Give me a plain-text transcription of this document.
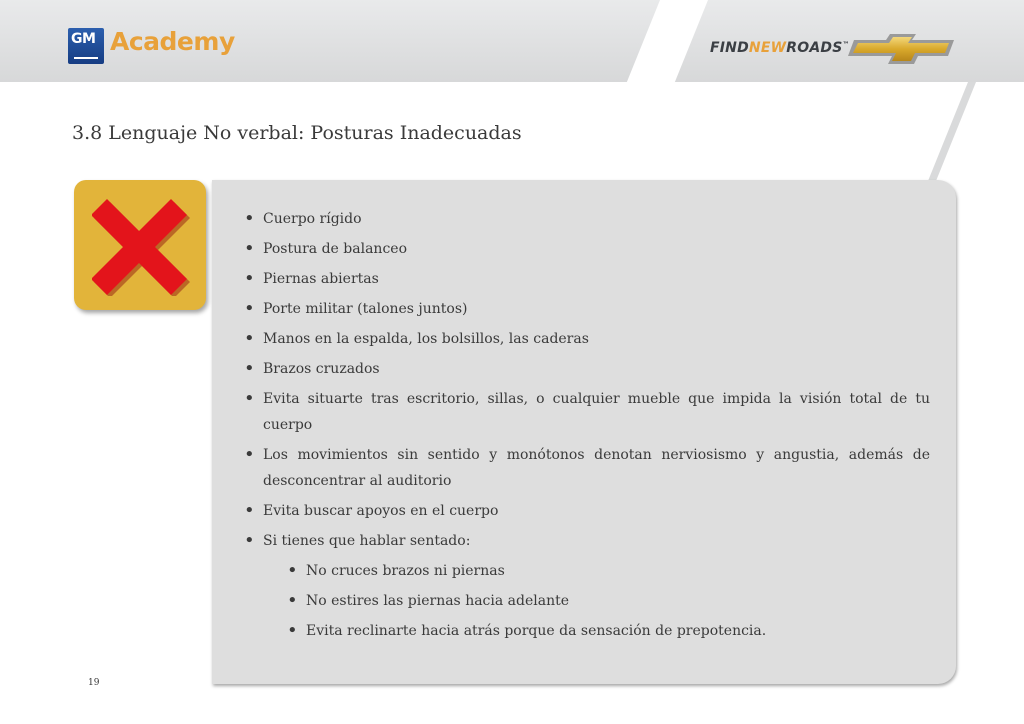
GM Academy	FINDNEWROADS™
3.8 Lenguaje No verbal: Posturas Inadecuadas
• Cuerpo rígido
• Postura de balanceo
• Piernas abiertas
• Porte militar (talones juntos)
• Manos en la espalda, los bolsillos, las caderas
• Brazos cruzados
• Evita situarte tras escritorio, sillas, o cualquier mueble que impida la visión total de tu cuerpo
• Los movimientos sin sentido y monótonos denotan nerviosismo y angustia, además de desconcentrar al auditorio
• Evita buscar apoyos en el cuerpo
• Si tienes que hablar sentado:
• No cruces brazos ni piernas
• No estires las piernas hacia adelante
• Evita reclinarte hacia atrás porque da sensación de prepotencia.
19
